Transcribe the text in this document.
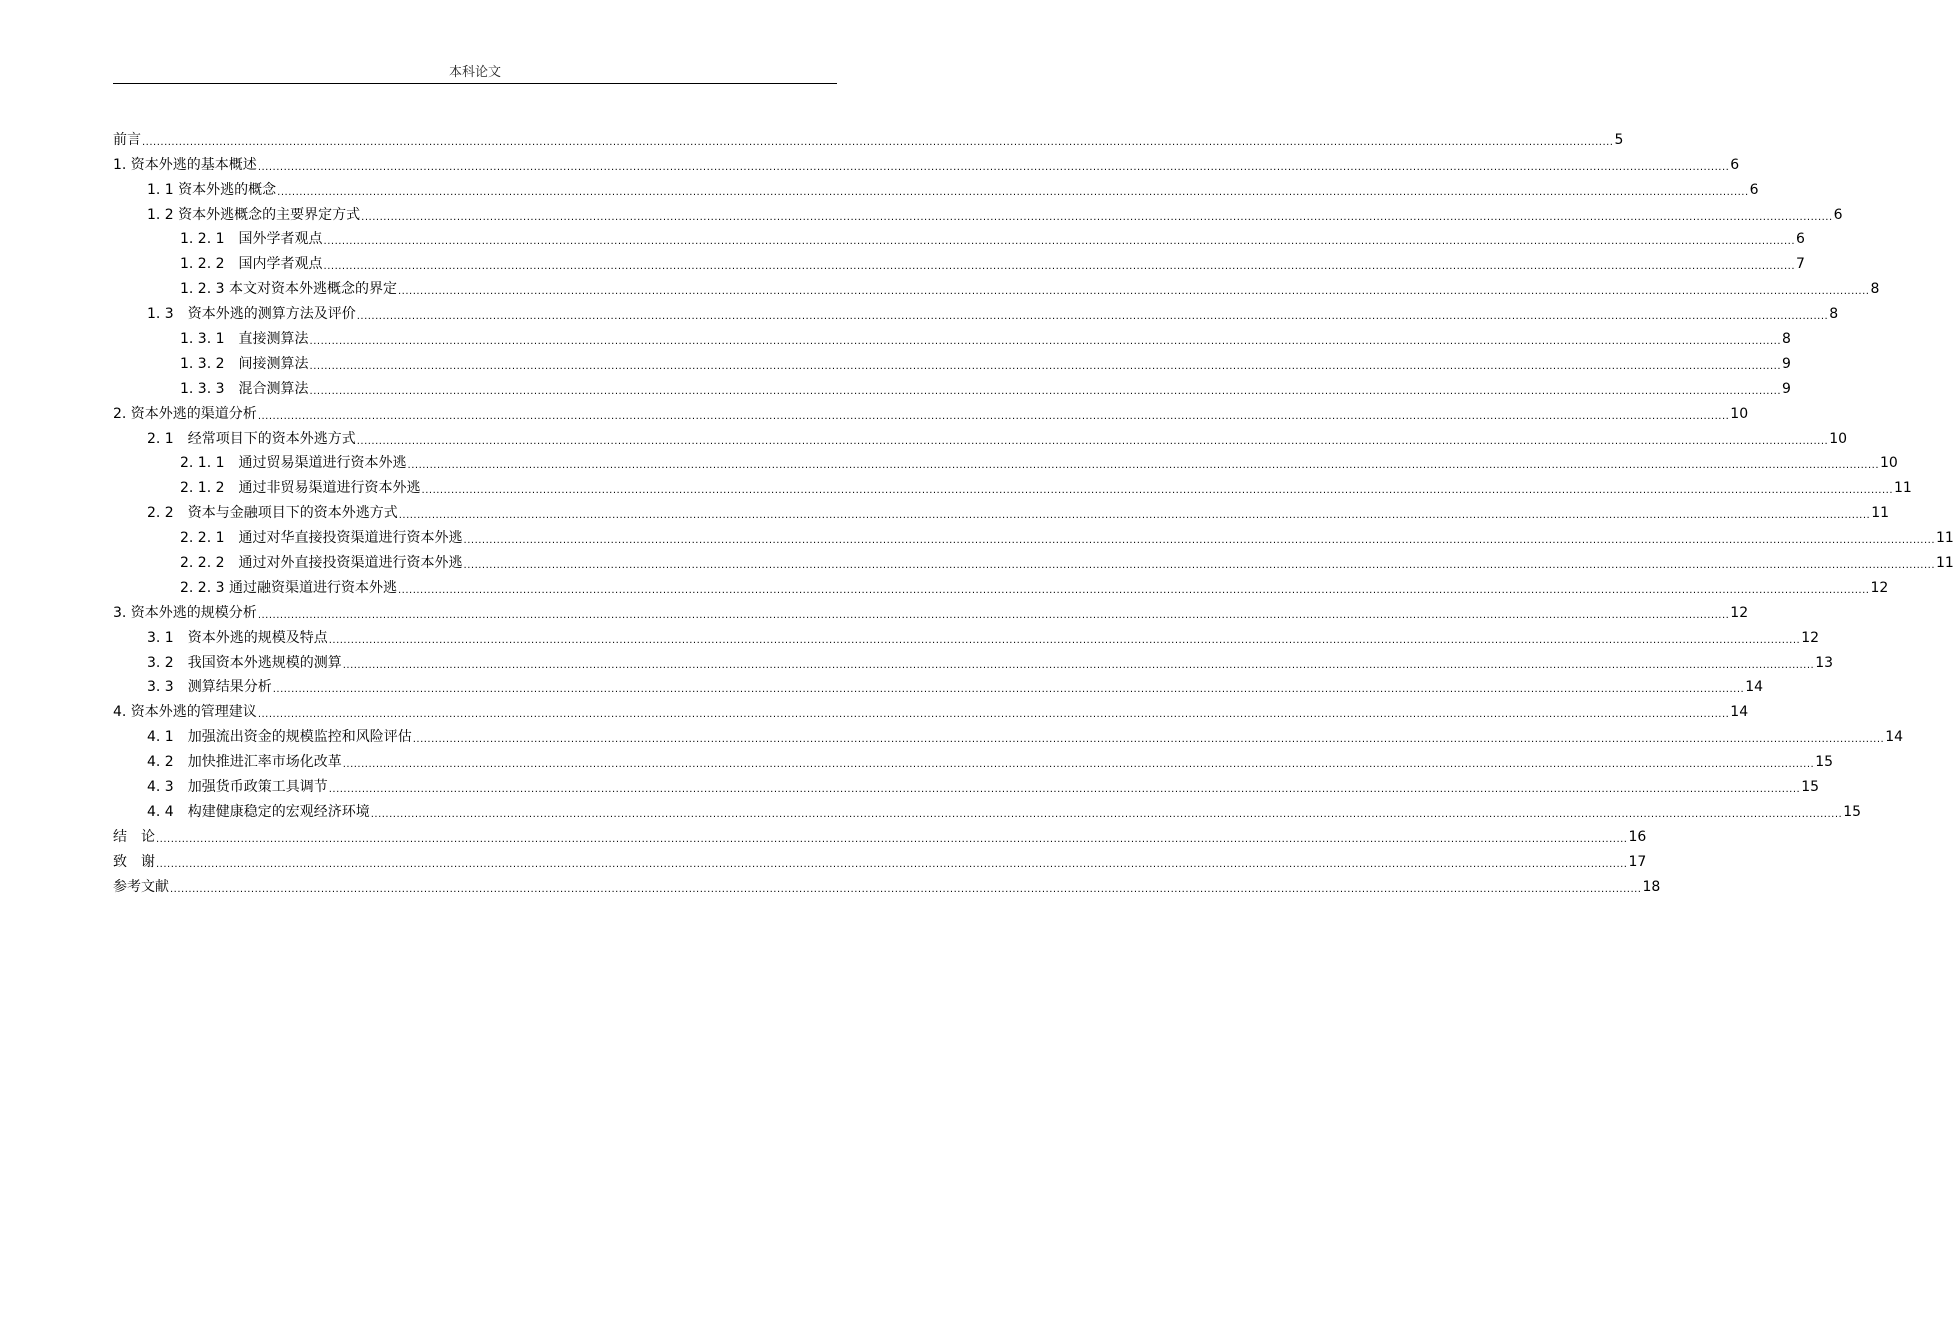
本科论文
前言 ................................................................................................................................................................................................................................................................................................................................................................................................................ 5
1. 资本外逃的基本概述 ................................................................................................................................................................................................................................................................................................................................................................................................................ 6
1. 1 资本外逃的概念 ................................................................................................................................................................................................................................................................................................................................................................................................................ 6
1. 2 资本外逃概念的主要界定方式 ................................................................................................................................................................................................................................................................................................................................................................................................................ 6
1. 2. 1　国外学者观点 ................................................................................................................................................................................................................................................................................................................................................................................................................ 6
1. 2. 2　国内学者观点 ................................................................................................................................................................................................................................................................................................................................................................................................................ 7
1. 2. 3 本文对资本外逃概念的界定 ................................................................................................................................................................................................................................................................................................................................................................................................................ 8
1. 3　资本外逃的测算方法及评价 ................................................................................................................................................................................................................................................................................................................................................................................................................ 8
1. 3. 1　直接测算法 ................................................................................................................................................................................................................................................................................................................................................................................................................ 8
1. 3. 2　间接测算法 ................................................................................................................................................................................................................................................................................................................................................................................................................ 9
1. 3. 3　混合测算法 ................................................................................................................................................................................................................................................................................................................................................................................................................ 9
2. 资本外逃的渠道分析 ................................................................................................................................................................................................................................................................................................................................................................................................................ 10
2. 1　经常项目下的资本外逃方式 ................................................................................................................................................................................................................................................................................................................................................................................................................ 10
2. 1. 1　通过贸易渠道进行资本外逃 ................................................................................................................................................................................................................................................................................................................................................................................................................ 10
2. 1. 2　通过非贸易渠道进行资本外逃 ................................................................................................................................................................................................................................................................................................................................................................................................................ 11
2. 2　资本与金融项目下的资本外逃方式 ................................................................................................................................................................................................................................................................................................................................................................................................................ 11
2. 2. 1　通过对华直接投资渠道进行资本外逃 ................................................................................................................................................................................................................................................................................................................................................................................................................ 11
2. 2. 2　通过对外直接投资渠道进行资本外逃 ................................................................................................................................................................................................................................................................................................................................................................................................................ 11
2. 2. 3 通过融资渠道进行资本外逃 ................................................................................................................................................................................................................................................................................................................................................................................................................ 12
3. 资本外逃的规模分析 ................................................................................................................................................................................................................................................................................................................................................................................................................ 12
3. 1　资本外逃的规模及特点 ................................................................................................................................................................................................................................................................................................................................................................................................................ 12
3. 2　我国资本外逃规模的测算 ................................................................................................................................................................................................................................................................................................................................................................................................................ 13
3. 3　测算结果分析 ................................................................................................................................................................................................................................................................................................................................................................................................................ 14
4. 资本外逃的管理建议 ................................................................................................................................................................................................................................................................................................................................................................................................................ 14
4. 1　加强流出资金的规模监控和风险评估 ................................................................................................................................................................................................................................................................................................................................................................................................................ 14
4. 2　加快推进汇率市场化改革 ................................................................................................................................................................................................................................................................................................................................................................................................................ 15
4. 3　加强货币政策工具调节 ................................................................................................................................................................................................................................................................................................................................................................................................................ 15
4. 4　构建健康稳定的宏观经济环境 ................................................................................................................................................................................................................................................................................................................................................................................................................ 15
结　论 ................................................................................................................................................................................................................................................................................................................................................................................................................ 16
致　谢 ................................................................................................................................................................................................................................................................................................................................................................................................................ 17
参考文献 ................................................................................................................................................................................................................................................................................................................................................................................................................ 18
